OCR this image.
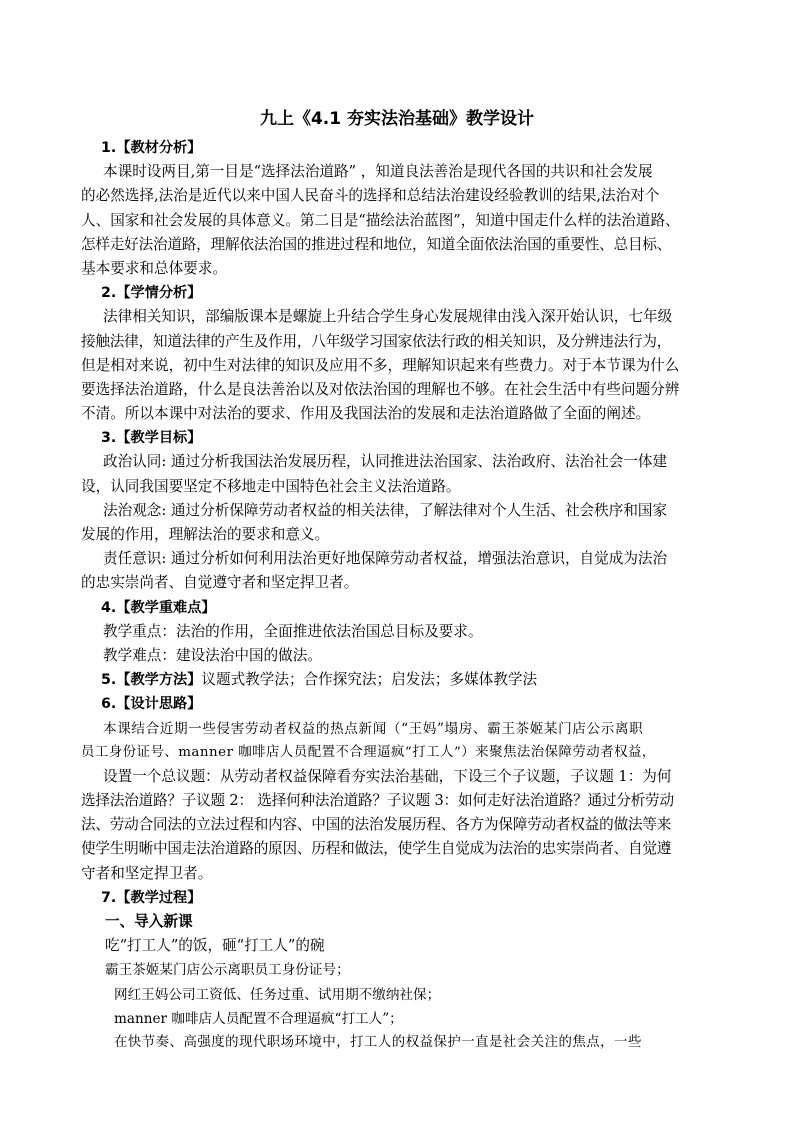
九上《4.1 夯实法治基础》教学设计
1.【教材分析】
本课时设两目,第一目是“选择法治道路” ，知道良法善治是现代各国的共识和社会发展
的必然选择,法治是近代以来中国人民奋斗的选择和总结法治建设经验教训的结果,法治对个
人、国家和社会发展的具体意义。第二目是“描绘法治蓝图”，知道中国走什么样的法治道路、
怎样走好法治道路，理解依法治国的推进过程和地位，知道全面依法治国的重要性、总目标、
基本要求和总体要求。
2.【学情分析】
法律相关知识，部编版课本是螺旋上升结合学生身心发展规律由浅入深开始认识，七年级
接触法律，知道法律的产生及作用，八年级学习国家依法行政的相关知识，及分辨违法行为，
但是相对来说，初中生对法律的知识及应用不多，理解知识起来有些费力。对于本节课为什么
要选择法治道路，什么是良法善治以及对依法治国的理解也不够。在社会生活中有些问题分辨
不清。所以本课中对法治的要求、作用及我国法治的发展和走法治道路做了全面的阐述。
3.【教学目标】
政治认同: 通过分析我国法治发展历程，认同推进法治国家、法治政府、法治社会一体建
设，认同我国要坚定不移地走中国特色社会主义法治道路。
法治观念: 通过分析保障劳动者权益的相关法律，了解法律对个人生活、社会秩序和国家
发展的作用，理解法治的要求和意义。
责任意识: 通过分析如何利用法治更好地保障劳动者权益，增强法治意识，自觉成为法治
的忠实崇尚者、自觉遵守者和坚定捍卫者。
4.【教学重难点】
教学重点：法治的作用，全面推进依法治国总目标及要求。
教学难点：建设法治中国的做法。
5.【教学方法】议题式教学法；合作探究法；启发法；多媒体教学法
6.【设计思路】
本课结合近期一些侵害劳动者权益的热点新闻（“王妈”塌房、霸王茶姬某门店公示离职
员工身份证号、manner 咖啡店人员配置不合理逼疯“打工人”）来聚焦法治保障劳动者权益，
设置一个总议题：从劳动者权益保障看夯实法治基础，下设三个子议题，子议题 1：为何
选择法治道路？子议题 2： 选择何种法治道路？子议题 3：如何走好法治道路？通过分析劳动
法、劳动合同法的立法过程和内容、中国的法治发展历程、各方为保障劳动者权益的做法等来
使学生明晰中国走法治道路的原因、历程和做法，使学生自觉成为法治的忠实崇尚者、自觉遵
守者和坚定捍卫者。
7.【教学过程】
一、导入新课
吃“打工人”的饭，砸“打工人”的碗
霸王茶姬某门店公示离职员工身份证号；
网红王妈公司工资低、任务过重、试用期不缴纳社保；
manner 咖啡店人员配置不合理逼疯“打工人”；
在快节奏、高强度的现代职场环境中，打工人的权益保护一直是社会关注的焦点，一些
